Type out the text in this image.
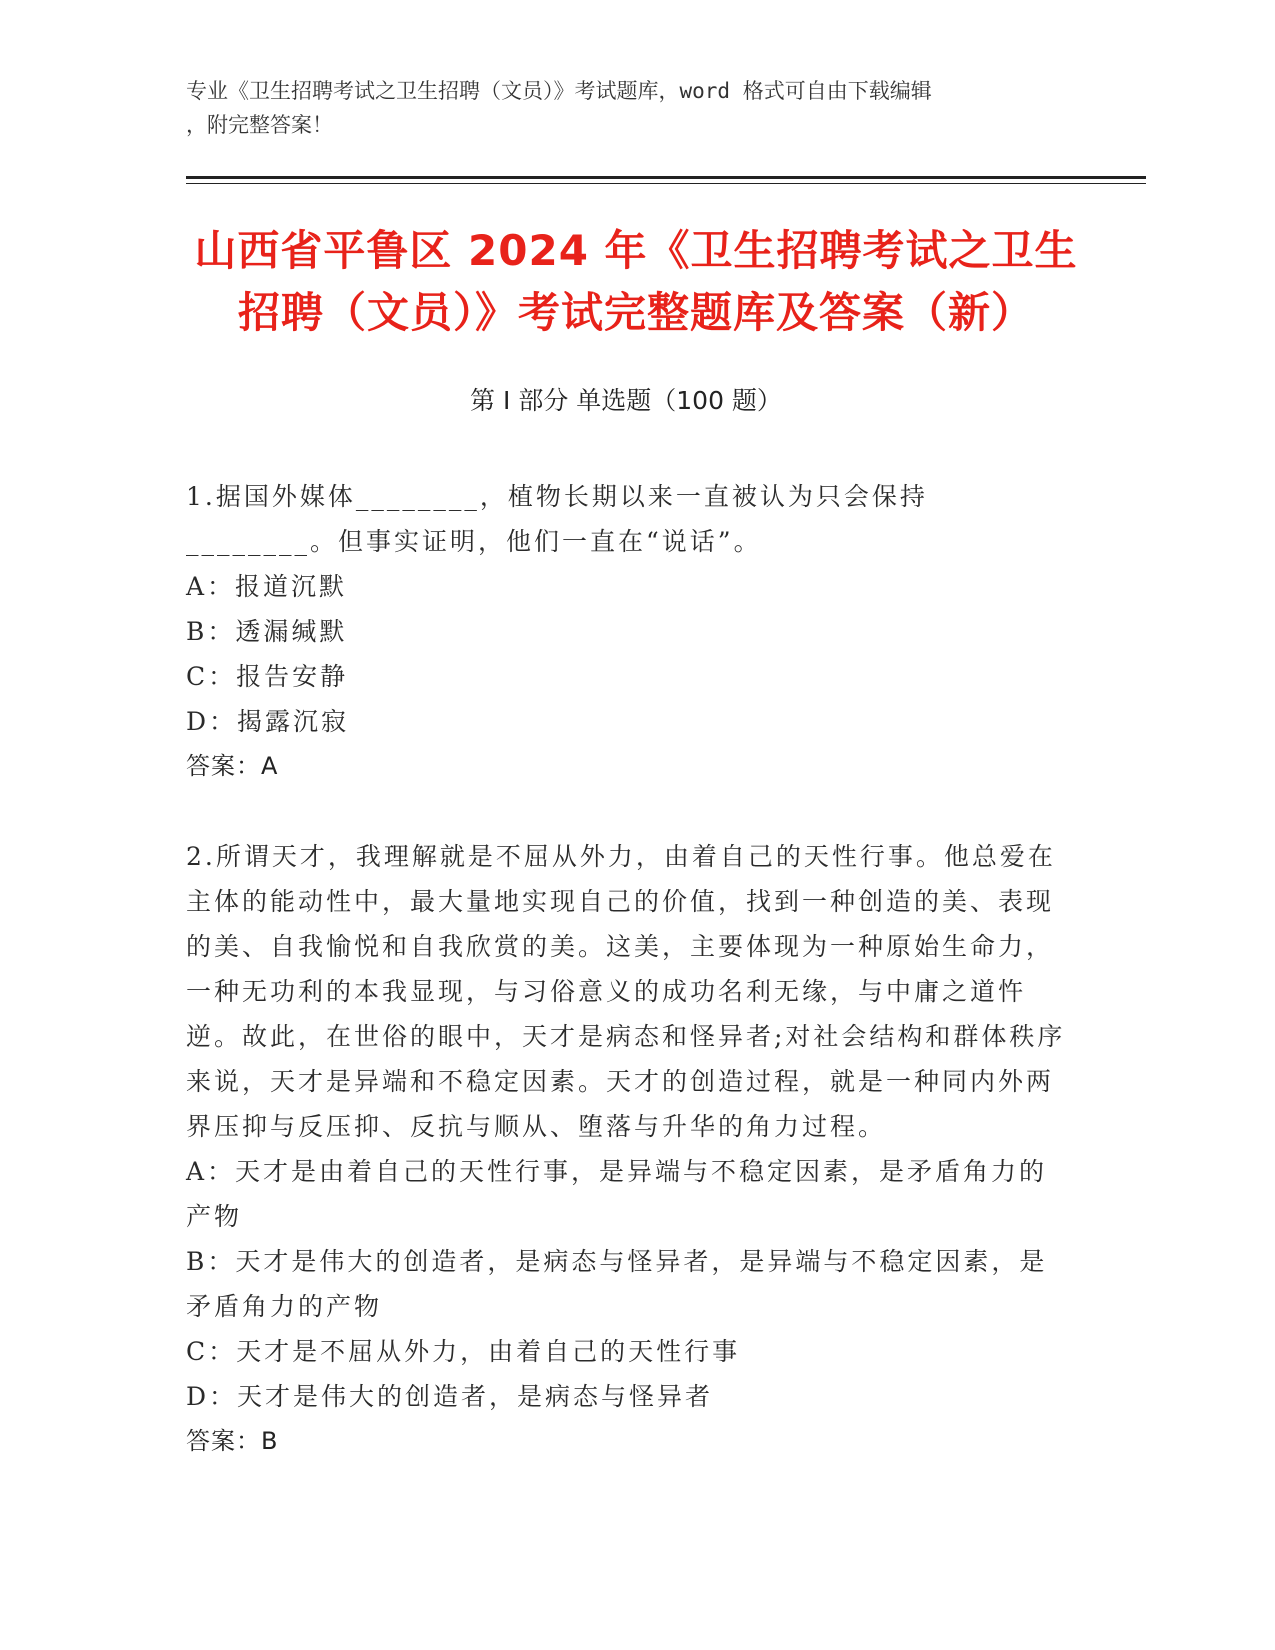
专业《卫生招聘考试之卫生招聘（文员）》考试题库，word 格式可自由下载编辑
，附完整答案！
山西省平鲁区 2024 年《卫生招聘考试之卫生
招聘（文员）》考试完整题库及答案（新）
第 I 部分 单选题（100 题）

1.据国外媒体________，植物长期以来一直被认为只会保持________。但事实证明，他们一直在“说话”。

A：报道沉默

B：透漏缄默

C：报告安静

D：揭露沉寂

答案：A

2.所谓天才，我理解就是不屈从外力，由着自己的天性行事。他总爱在主体的能动性中，最大量地实现自己的价值，找到一种创造的美、表现的美、自我愉悦和自我欣赏的美。这美，主要体现为一种原始生命力，一种无功利的本我显现，与习俗意义的成功名利无缘，与中庸之道忤逆。故此，在世俗的眼中，天才是病态和怪异者;对社会结构和群体秩序来说，天才是异端和不稳定因素。天才的创造过程，就是一种同内外两界压抑与反压抑、反抗与顺从、堕落与升华的角力过程。

A：天才是由着自己的天性行事，是异端与不稳定因素，是矛盾角力的产物

B：天才是伟大的创造者，是病态与怪异者，是异端与不稳定因素，是矛盾角力的产物

C：天才是不屈从外力，由着自己的天性行事

D：天才是伟大的创造者，是病态与怪异者

答案：B
